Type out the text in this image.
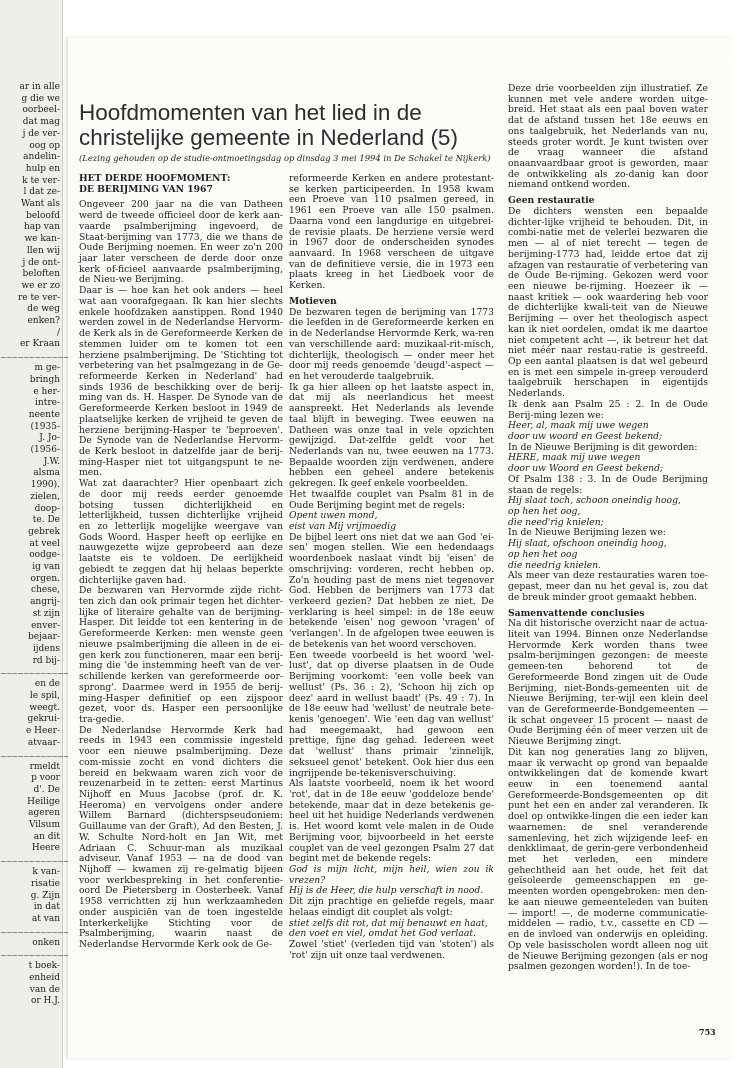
ar in alle
g die we
oorbeel-
dat mag
j de ver-
oog op
andelin-
hulp en
k te ver-
l dat ze-
Want als
beloofd
hap van
we kan-
llen wij
j de ont-
beloften
we er zo
re te ver-
de weg
enken?
/
er Kraan
~~~~~~~~~~~~
m ge-
bringh
e her-
intre-
neente
(1935-
J. Jo-
(1956-
J.W.
alsma
1990).
zielen,
doop-
te. De
gebrek
at veel
oodge-
ig van
orgen.
chese,
angrij-
st zijn
enver-
bejaar-
ijdens
rd bij-
~~~~~~~~~~~~
en de
le spil,
weegt.
gekrui-
e Heer-
atvaar-
~~~~~~~~~~~~
rmeldt
p voor
d'. De
Heilige
ageren
Vilsum
an dit
Heere
~~~~~~~~~~~~
k van-
risatie
g. Zijn
in dat
at van
~~~~~~~~~~~~
onken
~~~~~~~~~~~~
t boek-
enheid
van de
or H.J.
Hoofdmomenten van het lied in de christelijke gemeente in Nederland (5)
(Lezing gehouden op de studie-ontmoetingsdag op dinsdag 3 mei 1994 in De Schakel te Nijkerk)

HET DERDE HOOFMOMENT:

DE BERIJMING VAN 1967

Ongeveer 200 jaar na die van Datheen werd de tweede officieel door de kerk aan-vaarde psalmberijming ingevoerd, de Staat-berijming van 1773, die we thans de Oude Berijming noemen. En weer zo'n 200 jaar later verscheen de derde door onze kerk of-ficieel aanvaarde psalmberijming, de Nieu-we Berijming.

Daar is — hoe kan het ook anders — heel wat aan voorafgegaan. Ik kan hier slechts enkele hoofdzaken aanstippen. Rond 1940 werden zowel in de Nederlandse Hervorm-de Kerk als in de Gereformeerde Kerken de stemmen luider om te komen tot een herziene psalmberijming. De 'Stichting tot verbetering van het psalmgezang in de Ge-reformeerde Kerken in Nederland' had sinds 1936 de beschikking over de berij-ming van ds. H. Hasper. De Synode van de Gereformeerde Kerken besloot in 1949 de plaatselijke kerken de vrijheid te geven de herziene berijming-Hasper te 'beproeven'. De Synode van de Nederlandse Hervorm-de Kerk besloot in datzelfde jaar de berij-ming-Hasper niet tot uitgangspunt te ne-men.

Wat zat daarachter? Hier openbaart zich de door mij reeds eerder genoemde botsing tussen dichterlijkheid en letterlijkheid, tussen dichterlijke vrijheid en zo letterlijk mogelijke weergave van Gods Woord. Hasper heeft op eerlijke en nauwgezette wijze geprobeerd aan deze laatste eis te voldoen. De eerlijkheid gebiedt te zeggen dat hij helaas beperkte dichterlijke gaven had.

De bezwaren van Hervormde zijde richt-ten zich dan ook primair tegen het dichter-lijke of literaire gehalte van de berijming-Hasper. Dit leidde tot een kentering in de Gereformeerde Kerken: men wenste geen nieuwe psalmberijming die alleen in de ei-gen kerk zou functioneren, maar een berij-ming die 'de instemming heeft van de ver-schillende kerken van gereformeerde oor-sprong'. Daarmee werd in 1955 de berij-ming-Hasper definitief op een zijspoor gezet, voor ds. Hasper een persoonlijke tra-gedie.

De Nederlandse Hervormde Kerk had reeds in 1943 een commissie ingesteld voor een nieuwe psalmberijming. Deze com-missie zocht en vond dichters die bereid en bekwaam waren zich voor de reuzenarbeid in te zetten: eerst Martinus Nijhoff en Muus Jacobse (prof. dr. K. Heeroma) en vervolgens onder andere Willem Barnard (dichterspseudoniem: Guillaume van der Graft), Ad den Besten, J. W. Schulte Nord-holt en Jan Wit, met Adriaan C. Schuur-man als muzikaal adviseur. Vanaf 1953 — na de dood van Nijhoff — kwamen zij re-gelmatig bijeen voor werkbespreking in het conferentie-oord De Pietersberg in Oosterbeek. Vanaf 1958 verrichtten zij hun werkzaamheden onder auspiciën van de toen ingestelde Interkerkelijke Stichting voor de Psalmberijming, waarin naast de Nederlandse Hervormde Kerk ook de Ge-

reformeerde Kerken en andere protestant-se kerken participeerden. In 1958 kwam een Proeve van 110 psalmen gereed, in 1961 een Proeve van alle 150 psalmen. Daarna vond een langdurige en uitgebrei-de revisie plaats. De herziene versie werd in 1967 door de onderscheiden synodes aanvaard. In 1968 verscheen de uitgave van de definitieve versie, die in 1973 een plaats kreeg in het Liedboek voor de Kerken.

Motieven

De bezwaren tegen de berijming van 1773 die leefden in de Gereformeerde kerken en in de Nederlandse Hervormde Kerk, wa-ren van verschillende aard: muzikaal-rit-misch, dichterlijk, theologisch — onder meer het door mij reeds genoemde 'deugd'-aspect — en het verouderde taalgebruik.

Ik ga hier alleen op het laatste aspect in, dat mij als neerlandicus het meest aanspreekt. Het Nederlands als levende taal blijft in beweging. Twee eeuwen na Datheen was onze taal in vele opzichten gewijzigd. Dat-zelfde geldt voor het Nederlands van nu, twee eeuwen na 1773. Bepaalde woorden zijn verdwenen, andere hebben een geheel andere betekenis gekregen. Ik geef enkele voorbeelden.

Het twaalfde couplet van Psalm 81 in de Oude Berijming begint met de regels:

Opent uwen mond,

eist van Mij vrijmoedig

De bijbel leert ons niet dat we aan God 'ei-sen' mogen stellen. Wie een hedendaags woordenboek naslaat vindt bij 'eisen' de omschrijving: vorderen, recht hebben op. Zo'n houding past de mens niet tegenover God. Hebben de berijmers van 1773 dat verkeerd gezien? Dat hebben ze niet. De verklaring is heel simpel: in de 18e eeuw betekende 'eisen' nog gewoon 'vragen' of 'verlangen'. In de afgelopen twee eeuwen is de betekenis van het woord verschoven.

Een tweede voorbeeld is het woord 'wel-lust', dat op diverse plaatsen in de Oude Berijming voorkomt: 'een volle beek van wellust' (Ps. 36 : 2), 'Schoon hij zich op deez' aard in wellust baadt' (Ps. 49 : 7). In de 18e eeuw had 'wellust' de neutrale bete-kenis 'genoegen'. Wie 'een dag van wellust' had meegemaakt, had gewoon een prettige, fijne dag gehad. Iedereen weet dat 'wellust' thans primair 'zinnelijk, seksueel genot' betekent. Ook hier dus een ingrijpende be-tekenisverschuiving.

Als laatste voorbeeld, noem ik het woord 'rot', dat in de 18e eeuw 'goddeloze bende' betekende, maar dat in deze betekenis ge-heel uit het huidige Nederlands verdwenen is. Het woord komt vele malen in de Oude Berijming voor, bijvoorbeeld in het eerste couplet van de veel gezongen Psalm 27 dat begint met de bekende regels:

God is mijn licht, mijn heil, wien zou ik vrezen?

Hij is de Heer, die hulp verschaft in nood.

Dit zijn prachtige en geliefde regels, maar helaas eindigt dit couplet als volgt:

stiet zelfs dit rot, dat mij benauwt en haat,

den voet en viel, omdat het God verlaat.

Zowel 'stiet' (verleden tijd van 'stoten') als 'rot' zijn uit onze taal verdwenen.

Deze drie voorbeelden zijn illustratief. Ze kunnen met vele andere worden uitge-breid. Het staat als een paal boven water dat de afstand tussen het 18e eeuws en ons taalgebruik, het Nederlands van nu, steeds groter wordt. Je kunt twisten over de vraag wanneer die afstand onaanvaardbaar groot is geworden, maar de ontwikkeling als zo-danig kan door niemand ontkend worden.

Geen restauratie

De dichters wensten een bepaalde dichter-lijke vrijheid te behouden. Dit, in combi-natie met de velerlei bezwaren die men — al of niet terecht — tegen de berijming-1773 had, leidde ertoe dat zij afzagen van restauratie of verbetering van de Oude Be-rijming. Gekozen werd voor een nieuwe be-rijming. Hoezeer ik — naast kritiek — ook waardering heb voor de dichterlijke kwali-teit van de Nieuwe Berijming — over het theologisch aspect kan ik niet oordelen, omdat ik me daartoe niet competent acht —, ik betreur het dat niet méér naar restau-ratie is gestreefd. Op een aantal plaatsen is dat wel gebeurd en is met een simpele in-greep verouderd taalgebruik herschapen in eigentijds Nederlands.

Ik denk aan Psalm 25 : 2. In de Oude Berij-ming lezen we:

Heer, al, maak mij uwe wegen

door uw woord en Geest bekend;

In de Nieuwe Berijming is dit geworden:

HERE, maak mij uwe wegen

door uw Woord en Geest bekend;

Of Psalm 138 : 3. In de Oude Berijming staan de regels:

Hij slaat toch, schoon oneindig hoog,

op hen het oog,

die need'rig knielen;

In de Nieuwe Berijming lezen we:

Hij slaat, ofschoon oneindig hoog,

op hen het oog

die needrig knielen.

Als meer van deze restauraties waren toe-gepast, meer dan nu het geval is, zou dat de breuk minder groot gemaakt hebben.

Samenvattende conclusies

Na dit historische overzicht naar de actua-liteit van 1994. Binnen onze Nederlandse Hervormde Kerk worden thans twee psalm-berijmingen gezongen: de meeste gemeen-ten behorend tot de Gereformeerde Bond zingen uit de Oude Berijming, niet-Bonds-gemeenten uit de Nieuwe Berijming, ter-wijl een klein deel van de Gereformeerde-Bondgemeenten — ik schat ongeveer 15 procent — naast de Oude Berijming één of meer verzen uit de Nieuwe Berijming zingt.

Dit kan nog generaties lang zo blijven, maar ik verwacht op grond van bepaalde ontwikkelingen dat de komende kwart eeuw in een toenemend aantal Gereformeerde-Bondsgemeenten op dit punt het een en ander zal veranderen. Ik doel op ontwikke-lingen die een ieder kan waarnemen: de snel veranderende samenleving, het zich wijzigende leef- en denkklimaat, de gerin-gere verbondenheid met het verleden, een mindere gehechtheid aan het oude, het feit dat geïsoleerde gemeenschappen en ge-meenten worden opengebroken: men den-ke aan nieuwe gemeenteleden van buiten — import! —, de moderne communicatie-middelen — radio, t.v., cassette en CD — en de invloed van onderwijs en opleiding. Op vele basisscholen wordt alleen nog uit de Nieuwe Berijming gezongen (als er nog psalmen gezongen worden!). In de toe-

753
